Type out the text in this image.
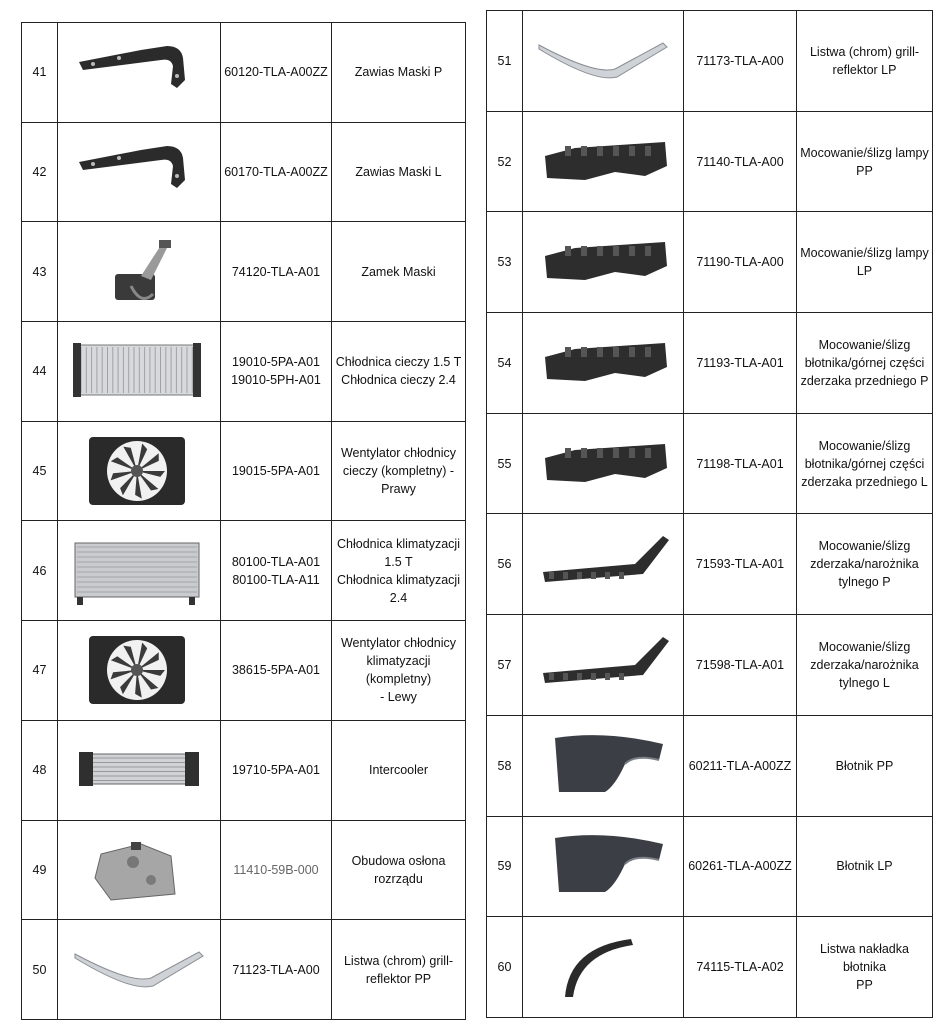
41		60120-TLA-A00ZZ	Zawias Maski P

42		60170-TLA-A00ZZ	Zawias Maski L

43		74120-TLA-A01	Zamek Maski

44		19010-5PA-A01
19010-5PH-A01	Chłodnica cieczy 1.5 T
Chłodnica cieczy 2.4

45		19015-5PA-A01	Wentylator chłodnicy
cieczy (kompletny) -
Prawy

46		80100-TLA-A01
80100-TLA-A11	Chłodnica klimatyzacji
1.5 T
Chłodnica klimatyzacji
2.4

47		38615-5PA-A01	Wentylator chłodnicy
klimatyzacji (kompletny)
- Lewy

48		19710-5PA-A01	Intercooler

49		11410-59B-000	Obudowa osłona
rozrządu

50		71123-TLA-A00	Listwa (chrom) grill-
reflektor PP
51		71173-TLA-A00	Listwa (chrom) grill-
reflektor LP

52		71140-TLA-A00	Mocowanie/ślizg lampy
PP

53		71190-TLA-A00	Mocowanie/ślizg lampy
LP

54		71193-TLA-A01	Mocowanie/ślizg
błotnika/górnej części
zderzaka przedniego P

55		71198-TLA-A01	Mocowanie/ślizg
błotnika/górnej części
zderzaka przedniego L

56		71593-TLA-A01	Mocowanie/ślizg
zderzaka/narożnika
tylnego P

57		71598-TLA-A01	Mocowanie/ślizg
zderzaka/narożnika
tylnego L

58		60211-TLA-A00ZZ	Błotnik PP

59		60261-TLA-A00ZZ	Błotnik LP

60		74115-TLA-A02	Listwa nakładka błotnika
PP
